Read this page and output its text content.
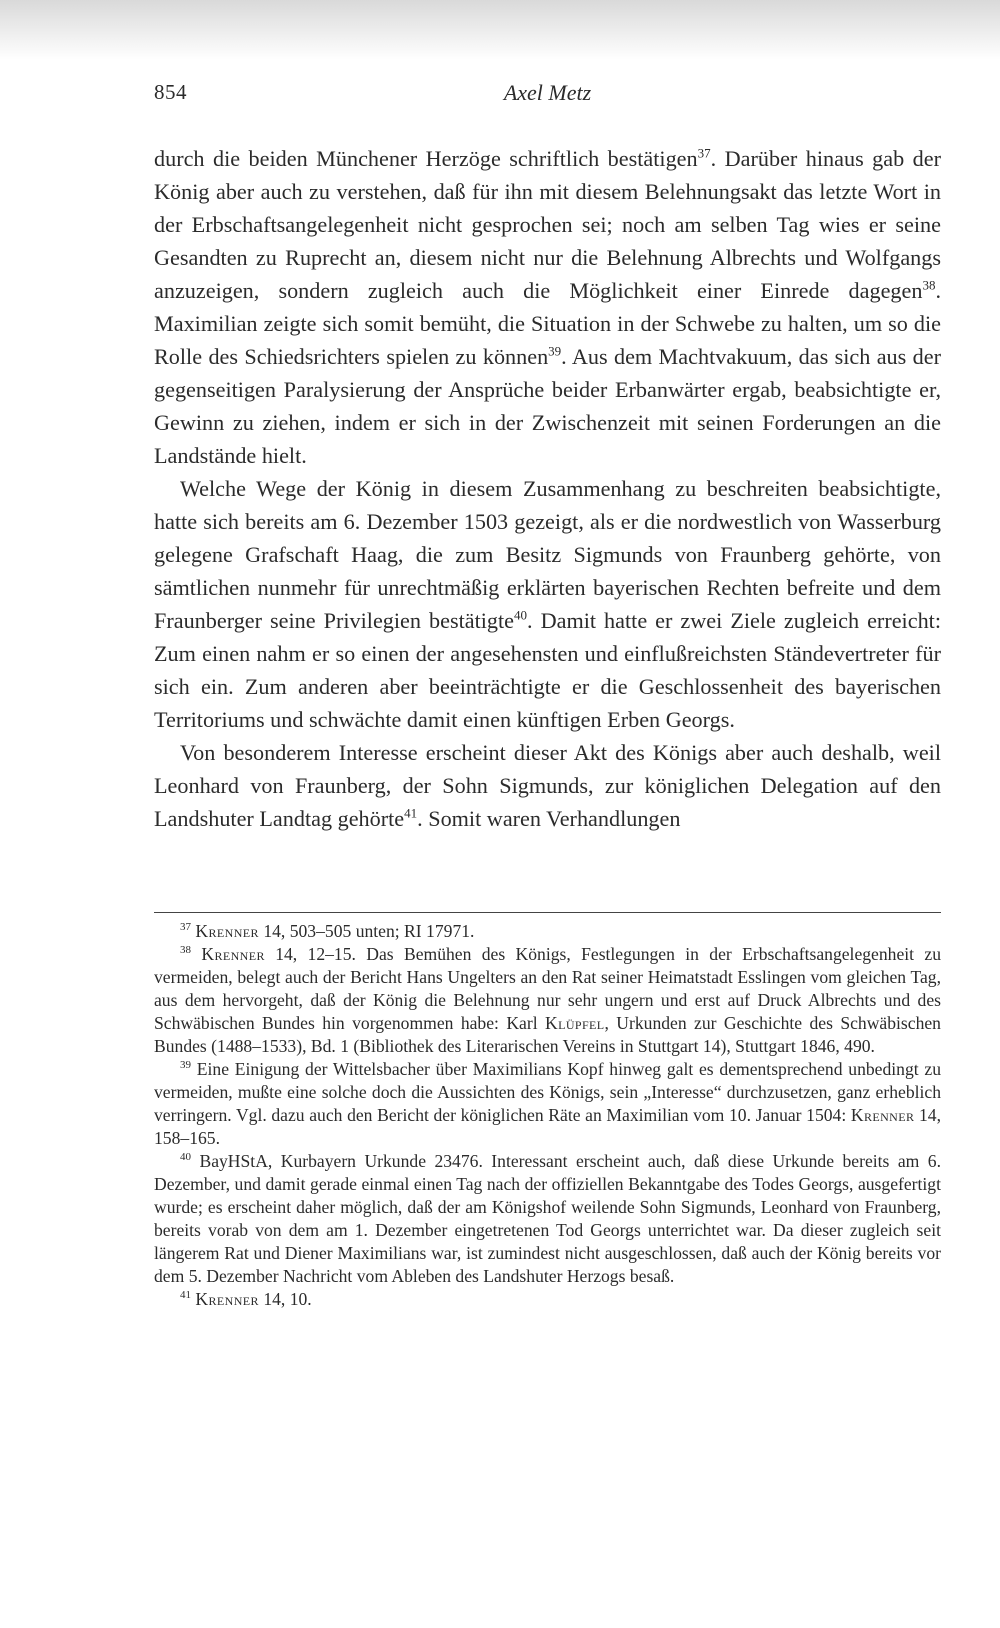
854	Axel Metz

durch die beiden Münchener Herzöge schriftlich bestätigen$^{37}$. Darüber hinaus gab der König aber auch zu verstehen, daß für ihn mit diesem Belehnungsakt das letzte Wort in der Erbschaftsangelegenheit nicht gesprochen sei; noch am selben Tag wies er seine Gesandten zu Ruprecht an, diesem nicht nur die Belehnung Albrechts und Wolfgangs anzuzeigen, sondern zugleich auch die Möglichkeit einer Einrede dagegen$^{38}$. Maximilian zeigte sich somit bemüht, die Situation in der Schwebe zu halten, um so die Rolle des Schiedsrichters spielen zu können$^{39}$. Aus dem Machtvakuum, das sich aus der gegenseitigen Paralysierung der Ansprüche beider Erbanwärter ergab, beabsichtigte er, Gewinn zu ziehen, indem er sich in der Zwischenzeit mit seinen Forderungen an die Landstände hielt.

Welche Wege der König in diesem Zusammenhang zu beschreiten beabsichtigte, hatte sich bereits am 6. Dezember 1503 gezeigt, als er die nordwestlich von Wasserburg gelegene Grafschaft Haag, die zum Besitz Sigmunds von Fraunberg gehörte, von sämtlichen nunmehr für unrechtmäßig erklärten bayerischen Rechten befreite und dem Fraunberger seine Privilegien bestätigte$^{40}$. Damit hatte er zwei Ziele zugleich erreicht: Zum einen nahm er so einen der angesehensten und einflußreichsten Ständevertreter für sich ein. Zum anderen aber beeinträchtigte er die Geschlossenheit des bayerischen Territoriums und schwächte damit einen künftigen Erben Georgs.

Von besonderem Interesse erscheint dieser Akt des Königs aber auch deshalb, weil Leonhard von Fraunberg, der Sohn Sigmunds, zur königlichen Delegation auf den Landshuter Landtag gehörte$^{41}$. Somit waren Verhandlungen

$^{37}$ Krenner 14, 503–505 unten; RI 17971.

$^{38}$ Krenner 14, 12–15. Das Bemühen des Königs, Festlegungen in der Erbschaftsangelegenheit zu vermeiden, belegt auch der Bericht Hans Ungelters an den Rat seiner Heimatstadt Esslingen vom gleichen Tag, aus dem hervorgeht, daß der König die Belehnung nur sehr ungern und erst auf Druck Albrechts und des Schwäbischen Bundes hin vorgenommen habe: Karl Klüpfel, Urkunden zur Geschichte des Schwäbischen Bundes (1488–1533), Bd. 1 (Bibliothek des Literarischen Vereins in Stuttgart 14), Stuttgart 1846, 490.

$^{39}$ Eine Einigung der Wittelsbacher über Maximilians Kopf hinweg galt es dementsprechend unbedingt zu vermeiden, mußte eine solche doch die Aussichten des Königs, sein „Interesse“ durchzusetzen, ganz erheblich verringern. Vgl. dazu auch den Bericht der königlichen Räte an Maximilian vom 10. Januar 1504: Krenner 14, 158–165.

$^{40}$ BayHStA, Kurbayern Urkunde 23476. Interessant erscheint auch, daß diese Urkunde bereits am 6. Dezember, und damit gerade einmal einen Tag nach der offiziellen Bekanntgabe des Todes Georgs, ausgefertigt wurde; es erscheint daher möglich, daß der am Königshof weilende Sohn Sigmunds, Leonhard von Fraunberg, bereits vorab von dem am 1. Dezember eingetretenen Tod Georgs unterrichtet war. Da dieser zugleich seit längerem Rat und Diener Maximilians war, ist zumindest nicht ausgeschlossen, daß auch der König bereits vor dem 5. Dezember Nachricht vom Ableben des Landshuter Herzogs besaß.

$^{41}$ Krenner 14, 10.
